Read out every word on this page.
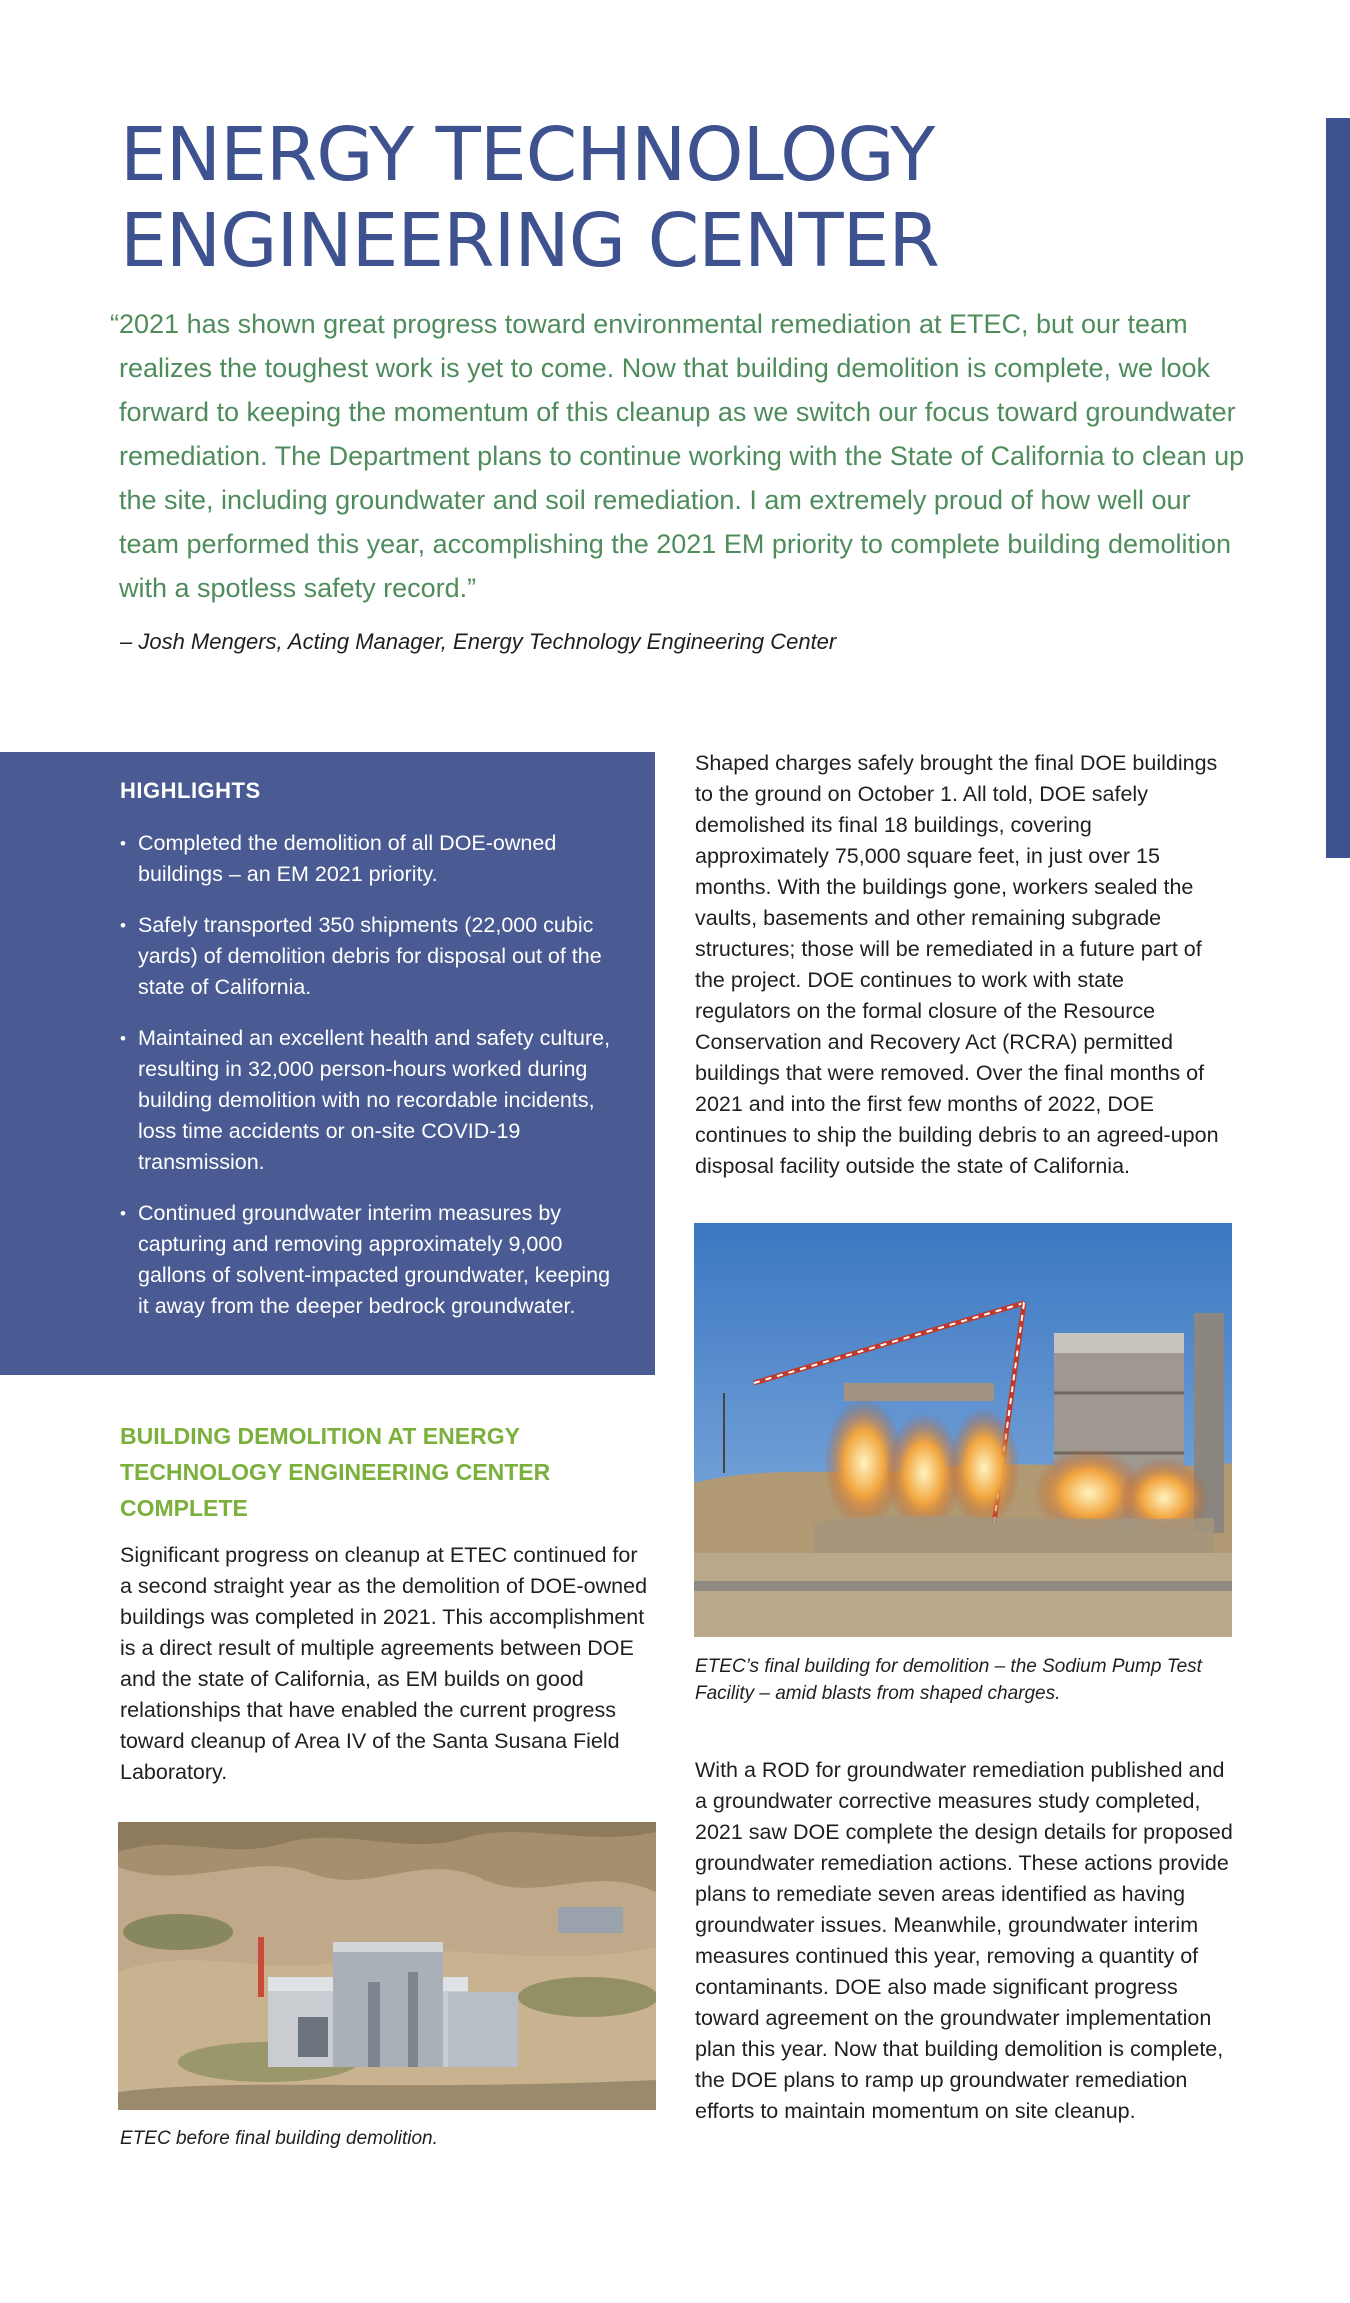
ENERGY TECHNOLOGY
ENGINEERING CENTER
“ 2021 has shown great progress toward environmental remediation at ETEC, but our team realizes the toughest work is yet to come. Now that building demolition is complete, we look forward to keeping the momentum of this cleanup as we switch our focus toward groundwater remediation. The Department plans to continue working with the State of California to clean up the site, including groundwater and soil remediation. I am extremely proud of how well our team performed this year, accomplishing the 2021 EM priority to complete building demolition with a spotless safety record.”
– Josh Mengers, Acting Manager, Energy Technology Engineering Center
HIGHLIGHTS
• Completed the demolition of all DOE-owned buildings – an EM 2021 priority.
• Safely transported 350 shipments (22,000 cubic yards) of demolition debris for disposal out of the state of California.
• Maintained an excellent health and safety culture, resulting in 32,000 person-hours worked during building demolition with no recordable incidents, loss time accidents or on-site COVID-19 transmission.
• Continued groundwater interim measures by capturing and removing approximately 9,000 gallons of solvent-impacted groundwater, keeping it away from the deeper bedrock groundwater.
BUILDING DEMOLITION AT ENERGY TECHNOLOGY ENGINEERING CENTER COMPLETE

Significant progress on cleanup at ETEC continued for a second straight year as the demolition of DOE-owned buildings was completed in 2021. This accomplishment is a direct result of multiple agreements between DOE and the state of California, as EM builds on good relationships that have enabled the current progress toward cleanup of Area IV of the Santa Susana Field Laboratory.

ETEC before final building demolition.

Shaped charges safely brought the final DOE buildings to the ground on October 1. All told, DOE safely demolished its final 18 buildings, covering approximately 75,000 square feet, in just over 15 months. With the buildings gone, workers sealed the vaults, basements and other remaining subgrade structures; those will be remediated in a future part of the project. DOE continues to work with state regulators on the formal closure of the Resource Conservation and Recovery Act (RCRA) permitted buildings that were removed. Over the final months of 2021 and into the first few months of 2022, DOE continues to ship the building debris to an agreed-upon disposal facility outside the state of California.

ETEC’s final building for demolition – the Sodium Pump Test Facility – amid blasts from shaped charges.

With a ROD for groundwater remediation published and a groundwater corrective measures study completed, 2021 saw DOE complete the design details for proposed groundwater remediation actions. These actions provide plans to remediate seven areas identified as having groundwater issues. Meanwhile, groundwater interim measures continued this year, removing a quantity of contaminants. DOE also made significant progress toward agreement on the groundwater implementation plan this year. Now that building demolition is complete, the DOE plans to ramp up groundwater remediation efforts to maintain momentum on site cleanup.
